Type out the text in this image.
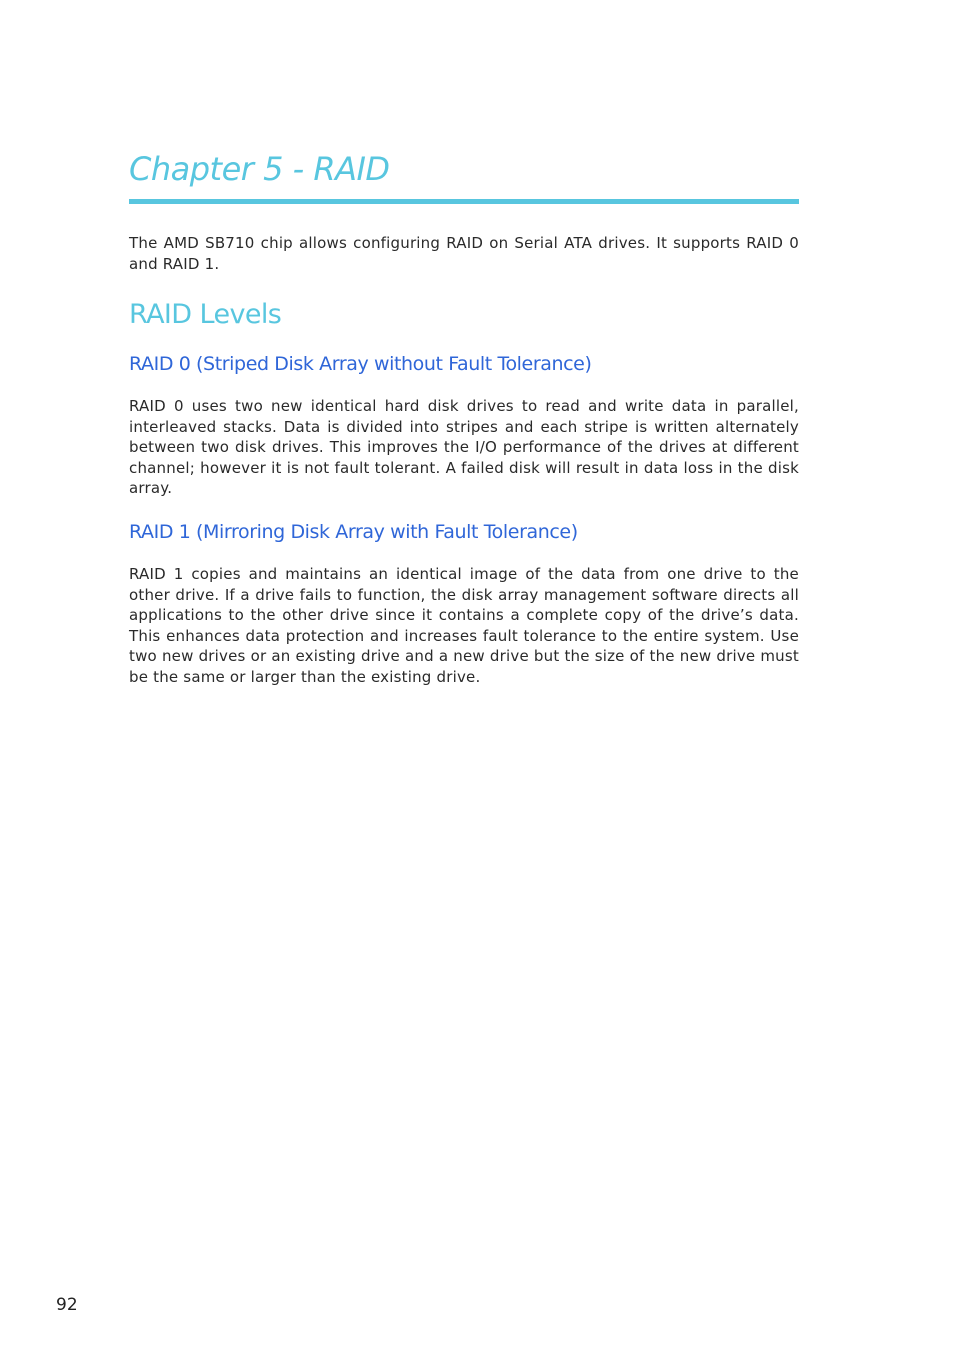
Chapter 5 - RAID

The AMD SB710 chip allows configuring RAID on Serial ATA drives. It supports RAID 0 and RAID 1.

RAID Levels
RAID 0 (Striped Disk Array without Fault Tolerance)

RAID 0 uses two new identical hard disk drives to read and write data in parallel, interleaved stacks. Data is divided into stripes and each stripe is written alternately between two disk drives. This improves the I/O performance of the drives at different channel; however it is not fault tolerant. A failed disk will result in data loss in the disk array.

RAID 1 (Mirroring Disk Array with Fault Tolerance)

RAID 1 copies and maintains an identical image of the data from one drive to the other drive. If a drive fails to function, the disk array management software directs all applications to the other drive since it contains a complete copy of the drive’s data. This enhances data protection and increases fault tolerance to the entire system. Use two new drives or an existing drive and a new drive but the size of the new drive must be the same or larger than the existing drive.

92
